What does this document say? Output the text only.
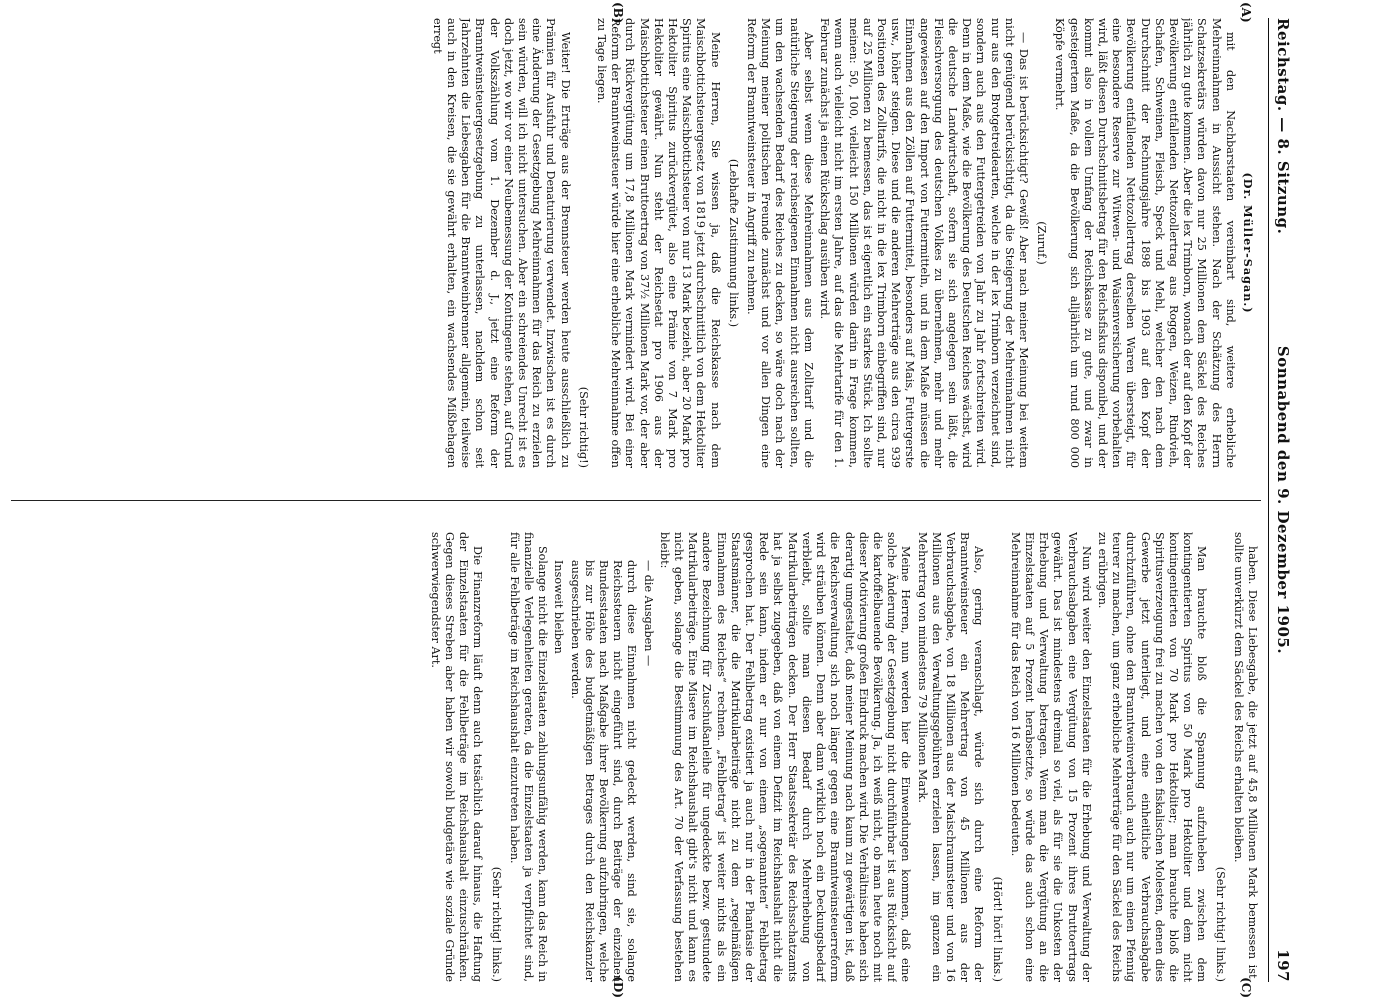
Reichstag. — 8. Sitzung.
Sonnabend den 9. Dezember 1905.
197
(A)
(B)
(C)
(D)

(Dr. Müller-Sagan.)

mit den Nachbarstaaten vereinbart sind, weitere erhebliche Mehreinnahmen in Aussicht stehen. Nach der Schätzung des Herrn Schatzsekretärs würden davon nur 25 Millionen dem Säckel des Reiches jährlich zu gute kommen. Aber die lex Trimborn, wonach der auf den Kopf der Bevölkerung entfallenden Nettozollertrag aus Roggen, Weizen, Rindvieh, Schafen, Schweinen, Fleisch, Speck und Mehl, welcher den nach dem Durchschnitt der Rechnungsjahre 1898 bis 1903 auf den Kopf der Bevölkerung entfallenden Nettozollertrag derselben Waren übersteigt, für eine besondere Reserve zur Witwen- und Waisenversicherung vorbehalten wird, läßt diesen Durchschnittsbetrag für den Reichsfiskus disponibel, und der kommt also in vollem Umfang der Reichskasse zu gute, und zwar in gesteigertem Maße, da die Bevölkerung sich alljährlich um rund 800 000 Köpfe vermehrt.

(Zuruf.)

— Das ist berücksichtigt? Gewiß! Aber nach meiner Meinung bei weitem nicht genügend berücksichtigt, da die Steigerung der Mehreinnahmen nicht nur aus den Brotgetreidearten, welche in der lex Trimborn verzeichnet sind, sondern auch aus den Futtergetreiden von Jahr zu Jahr fortschreiten wird. Denn in dem Maße, wie die Bevölkerung des Deutschen Reiches wächst, wird die deutsche Landwirtschaft, sofern sie sich angelegen sein läßt, die Fleischversorgung des deutschen Volkes zu übernehmen, mehr und mehr angewiesen auf den Import von Futtermitteln, und in dem Maße müssen die Einnahmen aus den Zöllen auf Futtermittel, besonders auf Mais, Futtergerste usw., höher steigen. Diese und die anderen Mehrerträge aus den circa 939 Positionen des Zolltarifs, die nicht in die lex Trimborn einbegriffen sind, nur auf 25 Millionen zu bemessen, das ist eigentlich ein starkes Stück. Ich sollte meinen: 50, 100, vielleicht 150 Millionen würden darin in Frage kommen, wenn auch vielleicht nicht im ersten Jahre, auf das die Mehrtarife für den 1. Februar zunächst ja einen Rückschlag ausüben wird.

Aber selbst wenn diese Mehreinnahmen aus dem Zolltarif und die natürliche Steigerung der reichseigenen Einnahmen nicht ausreichen sollten, um den wachsenden Bedarf des Reiches zu decken, so wäre doch nach der Meinung meiner politischen Freunde zunächst und vor allen Dingen eine Reform der Branntweinsteuer in Angriff zu nehmen.

(Lebhafte Zustimmung links.)

Meine Herren, Sie wissen ja, daß die Reichskasse nach dem Maischbottichsteuergesetz von 1819 jetzt durchschnittlich von dem Hektoliter Spiritus eine Maischbottichsteuer von nur 13 Mark bezieht, aber 20 Mark pro Hektoliter Spiritus zurückvergütet, also eine Prämie von 7 Mark pro Hektoliter gewährt. Nun steht der Reichsetat pro 1906 aus der Maischbottichsteuer einen Bruttoertrag von 37½ Millionen Mark vor, der aber durch Rückvergütung um 17,8 Millionen Mark vermindert wird. Bei einer Reform der Branntweinsteuer würde hier eine erhebliche Mehreinnahme offen zu Tage liegen.

(Sehr richtig!)

Weiter! Die Erträge aus der Brennsteuer werden heute ausschließlich zu Prämien für Ausfuhr und Denaturierung verwendet. Inzwischen ist es durch eine Änderung der Gesetzgebung Mehreinnahmen für das Reich zu erzielen sein würden, will ich nicht untersuchen. Aber ein schreiendes Unrecht ist es doch jetzt, wo wir vor einer Neubemessung der Kontingente stehen, auf Grund der Volkszählung vom 1. Dezember d. J., jetzt eine Reform der Branntweinsteuergesetzgebung zu unterlassen, nachdem schon seit Jahrzehnten die Liebesgaben für die Branntweinbrenner allgemein, teilweise auch in den Kreisen, die sie gewährt erhalten, ein wachsendes Mißbehagen erregt

haben. Diese Liebesgabe, die jetzt auf 45,8 Millionen Mark bemessen ist, sollte unverkürzt dem Säckel des Reichs erhalten bleiben.

(Sehr richtig! links.)

Man brauchte bloß die Spannung aufzuheben zwischen dem kontingentierten Spiritus von 50 Mark pro Hektoliter und dem nicht kontingentierten von 70 Mark pro Hektoliter; man brauchte bloß die Spiritusverzeugung frei zu machen von den fiskalischen Molesten, denen dies Gewerbe jetzt unterliegt, und eine einheitliche Verbrauchsabgabe durchzuführen, ohne den Branntweinverbrauch auch nur um einen Pfennig teurer zu machen, um ganz erhebliche Mehrerträge für den Säckel des Reichs zu erübrigen.

Nun wird weiter den Einzelstaaten für die Erhebung und Verwaltung der Verbrauchsabgaben eine Vergütung von 15 Prozent ihres Bruttoertrags gewährt. Das ist mindestens dreimal so viel, als für sie die Unkosten der Erhebung und Verwaltung betragen. Wenn man die Vergütung an die Einzelstaaten auf 5 Prozent herabsetzte, so würde das auch schon eine Mehreinnahme für das Reich von 16 Millionen bedeuten.

(Hört! hört! links.)

Also, gering veranschlagt, würde sich durch eine Reform der Branntweinsteuer ein Mehrertrag von 45 Millionen aus der Verbrauchsabgabe, von 18 Millionen aus der Maischraumsteuer und von 16 Millionen aus den Verwaltungsgebühren erzielen lassen, im ganzen ein Mehrertrag von mindestens 79 Millionen Mark.

Meine Herren, nun werden hier die Einwendungen kommen, daß eine solche Änderung der Gesetzgebung nicht durchführbar ist aus Rücksicht auf die kartoffelbauende Bevölkerung. Ja, ich weiß nicht, ob man heute noch mit dieser Motivierung großen Eindruck machen wird. Die Verhältnisse haben sich derartig umgestaltet, daß meiner Meinung nach kaum zu gewärtigen ist, daß die Reichsverwaltung sich noch länger gegen eine Branntweinsteuerreform wird sträuben können. Denn aber dann wirklich noch ein Deckungsbedarf verbleibt, sollte man diesen Bedarf durch Mehrerhebung von Matrikularbeiträgen decken. Der Herr Staatssekretär des Reichsschatzamts hat ja selbst zugegeben, daß von einem Defizit im Reichshaushalt nicht die Rede sein kann, indem er nur von einem „sogenannten“ Fehlbetrag gesprochen hat. Der Fehlbetrag existiert ja auch nur in der Phantasie der Staatsmänner, die die Matrikularbeiträge nicht zu dem „regelmäßigen Einnahmen des Reiches“ rechnen. „Fehlbetrag“ ist weiter nichts als ein andere Bezeichnung für Zuschußanleihe für ungedeckte bezw. gestundete Matrikularbeiträge. Eine Misere im Reichshaushalt gibt's nicht und kann es nicht geben, solange die Bestimmung des Art. 70 der Verfassung bestehen bleibt:

— die Ausgaben —

durch diese Einnahmen nicht gedeckt werden, sind sie, solange Reichssteuern nicht eingeführt sind, durch Beiträge der einzelnen Bundesstaaten nach Maßgabe ihrer Bevölkerung aufzubringen, welche bis zur Höhe des budgetmäßigen Betrages durch den Reichskanzler ausgeschrieben werden.

Insoweit bleiben

Solange nicht die Einzelstaaten zahlungsunfähig werden, kann das Reich in finanzielle Verlegenheiten geraten, da die Einzelstaaten ja verpflichtet sind, für alle Fehlbeträge im Reichshaushalt einzutreten haben.

(Sehr richtig! links.)

Die Finanzreform läuft denn auch tatsächlich darauf hinaus, die Haftung der Einzelstaaten für die Fehlbeträge im Reichshaushalt einzuschränken. Gegen dieses Streben aber haben wir sowohl budgetäre wie soziale Gründe schwerwiegendster Art.
